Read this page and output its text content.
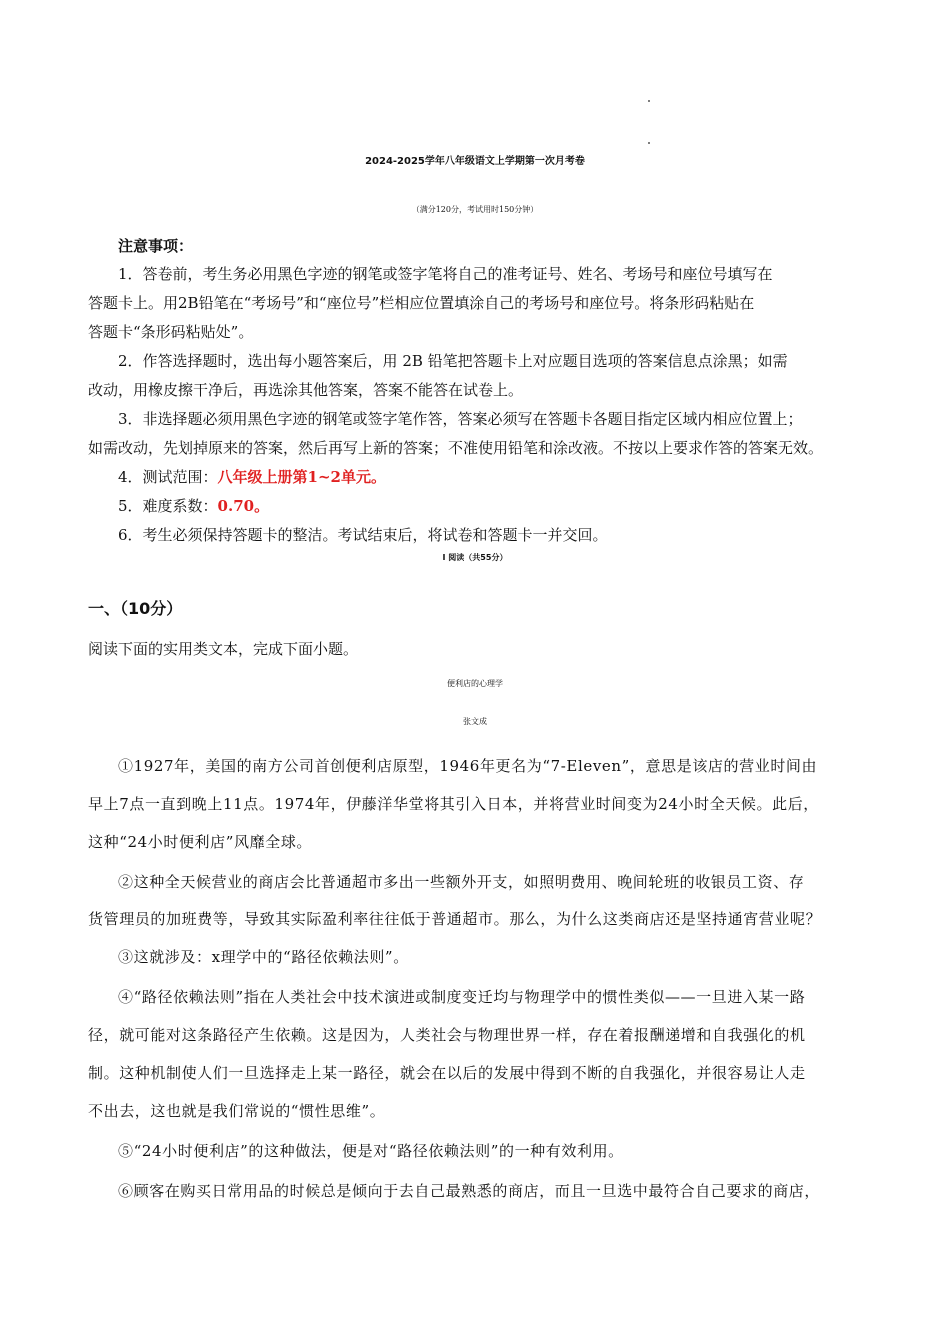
2024-2025学年八年级语文上学期第一次月考卷
（满分120分，考试用时150分钟）
注意事项：
1．答卷前，考生务必用黑色字迹的钢笔或签字笔将自己的准考证号、姓名、考场号和座位号填写在
答题卡上。用2B铅笔在“考场号”和“座位号”栏相应位置填涂自己的考场号和座位号。将条形码粘贴在
答题卡“条形码粘贴处”。
2．作答选择题时，选出每小题答案后，用 2B 铅笔把答题卡上对应题目选项的答案信息点涂黑；如需
改动，用橡皮擦干净后，再选涂其他答案，答案不能答在试卷上。
3．非选择题必须用黑色字迹的钢笔或签字笔作答，答案必须写在答题卡各题目指定区域内相应位置上；
如需改动，先划掉原来的答案，然后再写上新的答案；不准使用铅笔和涂改液。不按以上要求作答的答案无效。
4．测试范围：八年级上册第1~2单元。
5．难度系数：0.70。
6．考生必须保持答题卡的整洁。考试结束后，将试卷和答题卡一并交回。
Ⅰ 阅读（共55分）
一、（10分）
阅读下面的实用类文本，完成下面小题。
便利店的心理学
张文成
①1927年，美国的南方公司首创便利店原型，1946年更名为“7-Eleven”，意思是该店的营业时间由
早上7点一直到晚上11点。1974年，伊藤洋华堂将其引入日本，并将营业时间变为24小时全天候。此后，
这种“24小时便利店”风靡全球。
②这种全天候营业的商店会比普通超市多出一些额外开支，如照明费用、晚间轮班的收银员工资、存
货管理员的加班费等，导致其实际盈利率往往低于普通超市。那么，为什么这类商店还是坚持通宵营业呢？
③这就涉及：x理学中的“路径依赖法则”。
④“路径依赖法则”指在人类社会中技术演进或制度变迁均与物理学中的惯性类似——一旦进入某一路
径，就可能对这条路径产生依赖。这是因为，人类社会与物理世界一样，存在着报酬递增和自我强化的机
制。这种机制使人们一旦选择走上某一路径，就会在以后的发展中得到不断的自我强化，并很容易让人走
不出去，这也就是我们常说的“惯性思维”。
⑤“24小时便利店”的这种做法，便是对“路径依赖法则”的一种有效利用。
⑥顾客在购买日常用品的时候总是倾向于去自己最熟悉的商店，而且一旦选中最符合自己要求的商店，
